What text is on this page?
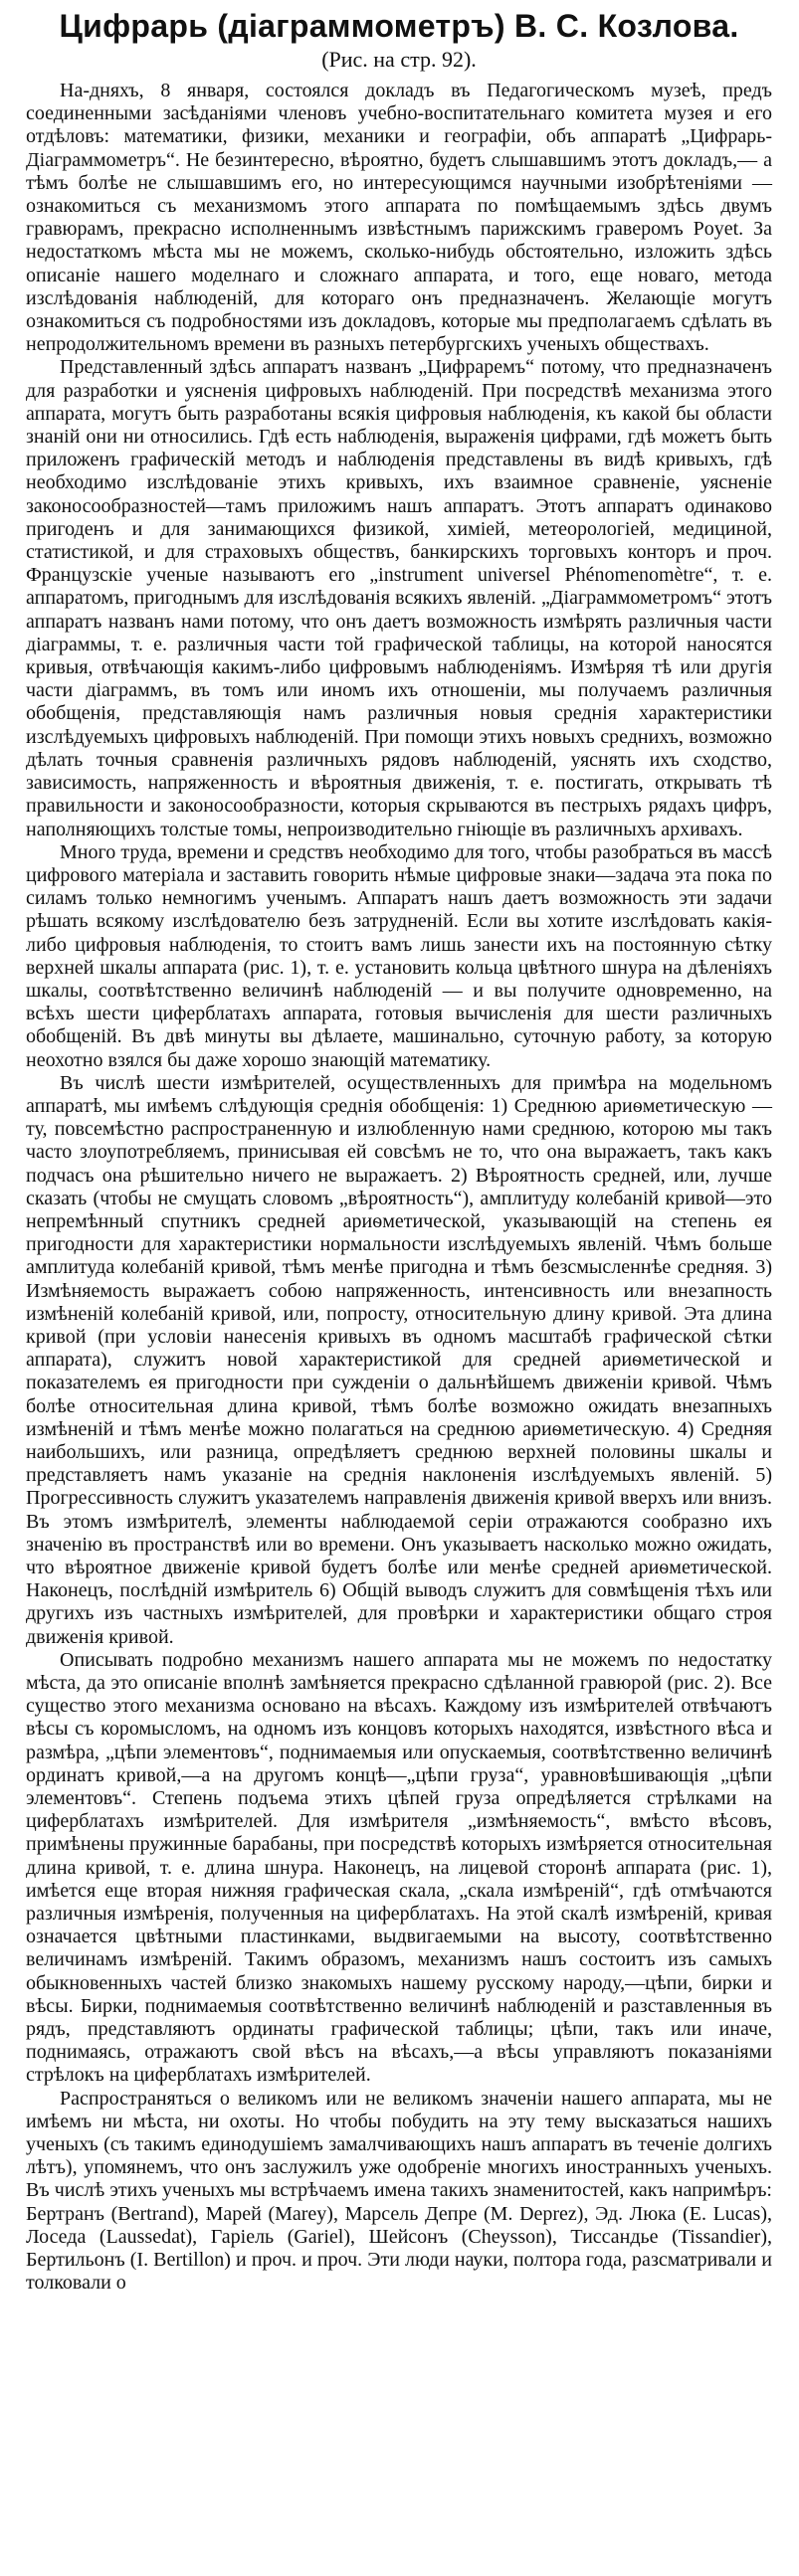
Цифрарь (діаграммометръ) В. С. Козлова.
(Рис. на стр. 92).

На-дняхъ, 8 января, состоялся докладъ въ Педагогическомъ музеѣ, предъ соединенными засѣданіями членовъ учебно-воспитательнаго комитета музея и его отдѣловъ: математики, физики, механики и географіи, объ аппаратѣ „Цифрарь-Діаграммометръ“. Не безинтересно, вѣроятно, будетъ слышавшимъ этотъ докладъ,— а тѣмъ болѣе не слышавшимъ его, но интересующимся научными изобрѣтеніями — ознакомиться съ механизмомъ этого аппарата по помѣщаемымъ здѣсь двумъ гравюрамъ, прекрасно исполненнымъ извѣстнымъ парижскимъ граверомъ Poyet. За недостаткомъ мѣста мы не можемъ, сколько-нибудь обстоятельно, изложить здѣсь описаніе нашего моделнаго и сложнаго аппарата, и того, еще новаго, метода изслѣдованія наблюденій, для котораго онъ предназначенъ. Желающіе могутъ ознакомиться съ подробностями изъ докладовъ, которые мы предполагаемъ сдѣлать въ непродолжительномъ времени въ разныхъ петербургскихъ ученыхъ обществахъ.

Представленный здѣсь аппаратъ названъ „Цифраремъ“ потому, что предназначенъ для разработки и уясненія цифровыхъ наблюденій. При посредствѣ механизма этого аппарата, могутъ быть разработаны всякія цифровыя наблюденія, къ какой бы области знаній они ни относились. Гдѣ есть наблюденія, выраженія цифрами, гдѣ можетъ быть приложенъ графическій методъ и наблюденія представлены въ видѣ кривыхъ, гдѣ необходимо изслѣдованіе этихъ кривыхъ, ихъ взаимное сравненіе, уясненіе законосообразностей—тамъ приложимъ нашъ аппаратъ. Этотъ аппаратъ одинаково пригоденъ и для занимающихся физикой, химіей, метеорологіей, медициной, статистикой, и для страховыхъ обществъ, банкирскихъ торговыхъ конторъ и проч. Французскіе ученые называютъ его „instrument universel Phénomenomètre“, т. е. аппаратомъ, пригоднымъ для изслѣдованія всякихъ явленій. „Діаграммометромъ“ этотъ аппаратъ названъ нами потому, что онъ даетъ возможность измѣрять различныя части діаграммы, т. е. различныя части той графической таблицы, на которой наносятся кривыя, отвѣчающія какимъ-либо цифровымъ наблюденіямъ. Измѣряя тѣ или другія части діаграммъ, въ томъ или иномъ ихъ отношеніи, мы получаемъ различныя обобщенія, представляющія намъ различныя новыя среднія характеристики изслѣдуемыхъ цифровыхъ наблюденій. При помощи этихъ новыхъ среднихъ, возможно дѣлать точныя сравненія различныхъ рядовъ наблюденій, уяснять ихъ сходство, зависимость, напряженность и вѣроятныя движенія, т. е. постигать, открывать тѣ правильности и законосообразности, которыя скрываются въ пестрыхъ рядахъ цифръ, наполняющихъ толстые томы, непроизводительно гніющіе въ различныхъ архивахъ.

Много труда, времени и средствъ необходимо для того, чтобы разобраться въ массѣ цифрового матеріала и заставить говорить нѣмые цифровые знаки—задача эта пока по силамъ только немногимъ ученымъ. Аппаратъ нашъ даетъ возможность эти задачи рѣшать всякому изслѣдователю безъ затрудненій. Если вы хотите изслѣдовать какія-либо цифровыя наблюденія, то стоитъ вамъ лишь занести ихъ на постоянную сѣтку верхней шкалы аппарата (рис. 1), т. е. установить кольца цвѣтного шнура на дѣленіяхъ шкалы, соотвѣтственно величинѣ наблюденій — и вы получите одновременно, на всѣхъ шести циферблатахъ аппарата, готовыя вычисленія для шести различныхъ обобщеній. Въ двѣ минуты вы дѣлаете, машинально, суточную работу, за которую неохотно взялся бы даже хорошо знающій математику.

Въ числѣ шести измѣрителей, осуществленныхъ для примѣра на модельномъ аппаратѣ, мы имѣемъ слѣдующія среднія обобщенія: 1) Среднюю ариѳметическую — ту, повсемѣстно распространенную и излюбленную нами среднюю, которою мы такъ часто злоупотребляемъ, принисывая ей совсѣмъ не то, что она выражаетъ, такъ какъ подчасъ она рѣшительно ничего не выражаетъ. 2) Вѣроятность средней, или, лучше сказать (чтобы не смущать словомъ „вѣроятность“), амплитуду колебаній кривой—это непремѣнный спутникъ средней ариѳметической, указывающій на степень ея пригодности для характеристики нормальности изслѣдуемыхъ явленій. Чѣмъ больше амплитуда колебаній кривой, тѣмъ менѣе пригодна и тѣмъ безсмысленнѣе средняя. 3) Измѣняемость выражаетъ собою напряженность, интенсивность или внезапность измѣненій колебаній кривой, или, попросту, относительную длину кривой. Эта длина кривой (при условіи нанесенія кривыхъ въ одномъ масштабѣ графической сѣтки аппарата), служитъ новой характеристикой для средней ариѳметической и показателемъ ея пригодности при сужденіи о дальнѣйшемъ движеніи кривой. Чѣмъ болѣе относительная длина кривой, тѣмъ болѣе возможно ожидать внезапныхъ измѣненій и тѣмъ менѣе можно полагаться на среднюю ариѳметическую. 4) Средняя наибольшихъ, или разница, опредѣляетъ среднюю верхней половины шкалы и представляетъ намъ указаніе на среднія наклоненія изслѣдуемыхъ явленій. 5) Прогрессивность служитъ указателемъ направленія движенія кривой вверхъ или внизъ. Въ этомъ измѣрителѣ, элементы наблюдаемой серіи отражаются сообразно ихъ значенію въ пространствѣ или во времени. Онъ указываетъ насколько можно ожидать, что вѣроятное движеніе кривой будетъ болѣе или менѣе средней ариѳметической. Наконецъ, послѣдній измѣритель 6) Общій выводъ служитъ для совмѣщенія тѣхъ или другихъ изъ частныхъ измѣрителей, для провѣрки и характеристики общаго строя движенія кривой.

Описывать подробно механизмъ нашего аппарата мы не можемъ по недостатку мѣста, да это описаніе вполнѣ замѣняется прекрасно сдѣланной гравюрой (рис. 2). Все существо этого механизма основано на вѣсахъ. Каждому изъ измѣрителей отвѣчаютъ вѣсы съ коромысломъ, на одномъ изъ концовъ которыхъ находятся, извѣстного вѣса и размѣра, „цѣпи элементовъ“, поднимаемыя или опускаемыя, соотвѣтственно величинѣ ординатъ кривой,—а на другомъ концѣ—„цѣпи груза“, уравновѣшивающія „цѣпи элементовъ“. Степень подъема этихъ цѣпей груза опредѣляется стрѣлками на циферблатахъ измѣрителей. Для измѣрителя „измѣняемость“, вмѣсто вѣсовъ, примѣнены пружинные барабаны, при посредствѣ которыхъ измѣряется относительная длина кривой, т. е. длина шнура. Наконецъ, на лицевой сторонѣ аппарата (рис. 1), имѣется еще вторая нижняя графическая скала, „скала измѣреній“, гдѣ отмѣчаются различныя измѣренія, полученныя на циферблатахъ. На этой скалѣ измѣреній, кривая означается цвѣтными пластинками, выдвигаемыми на высоту, соотвѣтственно величинамъ измѣреній. Такимъ образомъ, механизмъ нашъ состоитъ изъ самыхъ обыкновенныхъ частей близко знакомыхъ нашему русскому народу,—цѣпи, бирки и вѣсы. Бирки, поднимаемыя соотвѣтственно величинѣ наблюденій и разставленныя въ рядъ, представляютъ ординаты графической таблицы; цѣпи, такъ или иначе, поднимаясь, отражаютъ свой вѣсъ на вѣсахъ,—а вѣсы управляютъ показаніями стрѣлокъ на циферблатахъ измѣрителей.

Распространяться о великомъ или не великомъ значеніи нашего аппарата, мы не имѣемъ ни мѣста, ни охоты. Но чтобы побудить на эту тему высказаться нашихъ ученыхъ (съ такимъ единодушіемъ замалчивающихъ нашъ аппаратъ въ теченіе долгихъ лѣтъ), упомянемъ, что онъ заслужилъ уже одобреніе многихъ иностранныхъ ученыхъ. Въ числѣ этихъ ученыхъ мы встрѣчаемъ имена такихъ знаменитостей, какъ напримѣръ: Бертранъ (Bertrand), Марей (Marey), Марсель Депре (M. Deprez), Эд. Люка (E. Lucas), Лоседа (Laussedat), Гаріель (Gariel), Шейсонъ (Cheysson), Тиссандье (Tissandier), Бертильонъ (I. Bertillon) и проч. и проч. Эти люди науки, полтора года, разсматривали и толковали о
